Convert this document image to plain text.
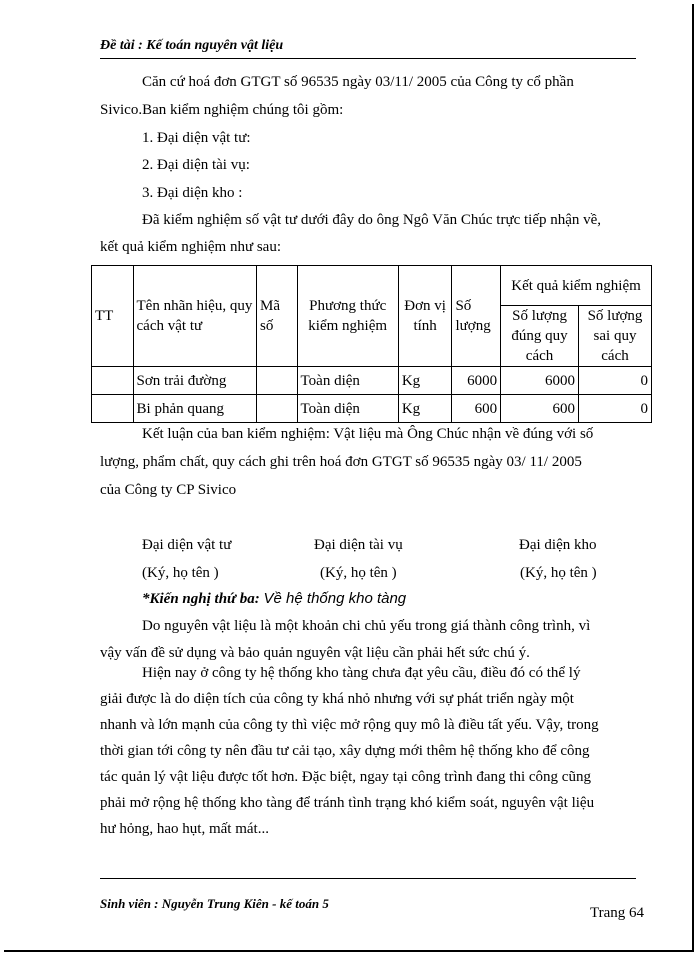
Đề tài : Kế toán nguyên vật liệu
Căn cứ hoá đơn GTGT số 96535 ngày 03/11/ 2005 của Công ty cổ phần
Sivico.Ban kiểm nghiệm chúng tôi gồm:
1. Đại diện vật tư:
2. Đại diện tài vụ:
3. Đại diện kho :
Đã kiểm nghiệm số vật tư dưới đây do ông Ngô Văn Chúc trực tiếp nhận về,
kết quả kiểm nghiệm như sau:
TT	Tên nhãn hiệu, quy cách vật tư	Mã số	Phương thức kiểm nghiệm	Đơn vị tính	Số lượng	Kết quả kiểm nghiệm	
						Số lượng đúng quy cách	Số lượng sai quy cách
	Sơn trải đường		Toàn diện	Kg	6000	6000	0
	Bi phản quang		Toàn diện	Kg	600	600	0
Kết luận của ban kiểm nghiệm: Vật liệu mà Ông Chúc nhận về đúng với số
lượng, phẩm chất, quy cách ghi trên hoá đơn GTGT số 96535 ngày 03/ 11/ 2005
của Công ty CP Sivico
Đại diện vật tư	Đại diện tài vụ	Đại diện kho
(Ký, họ tên )	(Ký, họ tên )	(Ký, họ tên )
*Kiến nghị thứ ba: Về hệ thống kho tàng
Do nguyên vật liệu là một khoản chi chủ yếu trong giá thành công trình, vì
vậy vấn đề sử dụng và bảo quản nguyên vật liệu cần phải hết sức chú ý.
Hiện nay ở công ty hệ thống kho tàng chưa đạt yêu cầu, điều đó có thể lý
giải được là do diện tích của công ty khá nhỏ nhưng với sự phát triển ngày một
nhanh và lớn mạnh của công ty thì việc mở rộng quy mô là điều tất yếu. Vậy, trong
thời gian tới công ty nên đầu tư cải tạo, xây dựng mới thêm hệ thống kho để công
tác quản lý vật liệu được tốt hơn. Đặc biệt, ngay tại công trình đang thi công cũng
phải mở rộng hệ thống kho tàng để tránh tình trạng khó kiểm soát, nguyên vật liệu
hư hỏng, hao hụt, mất mát...
Sinh viên : Nguyễn Trung Kiên - kế toán 5
Trang 64
